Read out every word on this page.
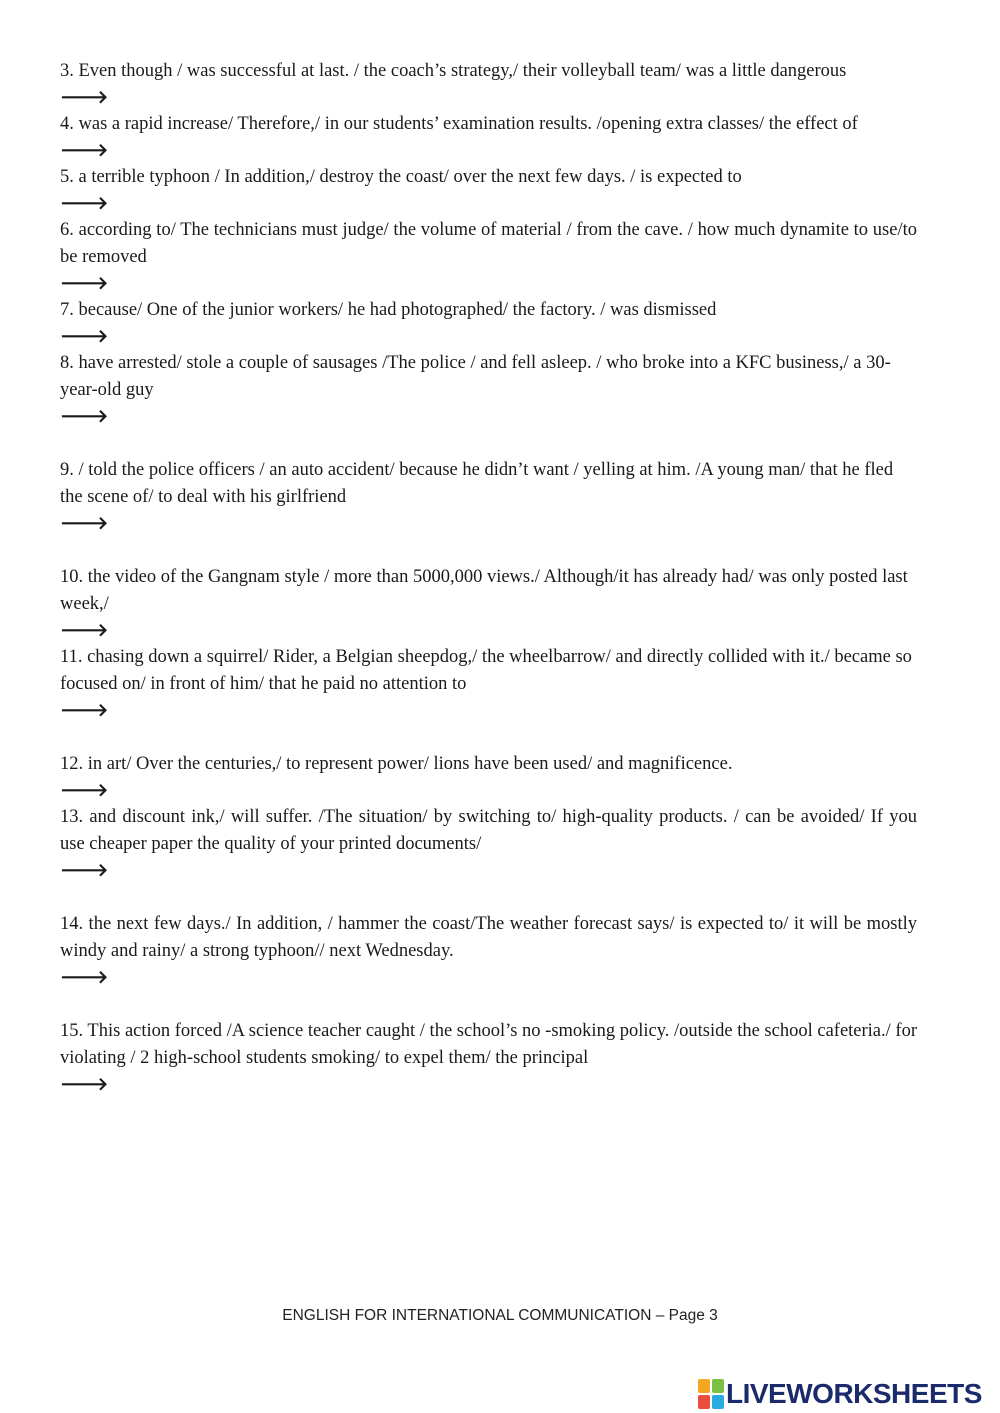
3. Even though / was successful at last. / the coach’s strategy,/ their volleyball team/ was a little dangerous

🡒

4. was a rapid increase/ Therefore,/ in our students’ examination results. /opening extra classes/ the effect of

🡒

5. a terrible typhoon / In addition,/ destroy the coast/ over the next few days. / is expected to

🡒

6. according to/ The technicians must judge/ the volume of material / from the cave. / how much dynamite to use/to be removed

🡒

7. because/ One of the junior workers/ he had photographed/ the factory. / was dismissed

🡒

8. have arrested/ stole a couple of sausages /The police / and fell asleep. / who broke into a KFC business,/ a 30-year-old guy

🡒

9. / told the police officers / an auto accident/ because he didn’t want / yelling at him. /A young man/ that he fled the scene of/ to deal with his girlfriend

🡒

10. the video of the Gangnam style / more than 5000,000 views./ Although/it has already had/ was only posted last week,/

🡒

11. chasing down a squirrel/ Rider, a Belgian sheepdog,/ the wheelbarrow/ and directly collided with it./ became so focused on/ in front of him/ that he paid no attention to

🡒

12. in art/ Over the centuries,/ to represent power/ lions have been used/ and magnificence.

🡒

13. and discount ink,/ will suffer. /The situation/ by switching to/ high-quality products. / can be avoided/ If you use cheaper paper the quality of your printed documents/

🡒

14. the next few days./ In addition, / hammer the coast/The weather forecast says/ is expected to/ it will be mostly windy and rainy/ a strong typhoon// next Wednesday.

🡒

15. This action forced /A science teacher caught / the school’s no -smoking policy. /outside the school cafeteria./ for violating / 2 high-school students smoking/ to expel them/ the principal

🡒
ENGLISH FOR INTERNATIONAL COMMUNICATION – Page 3
LIVEWORKSHEETS
